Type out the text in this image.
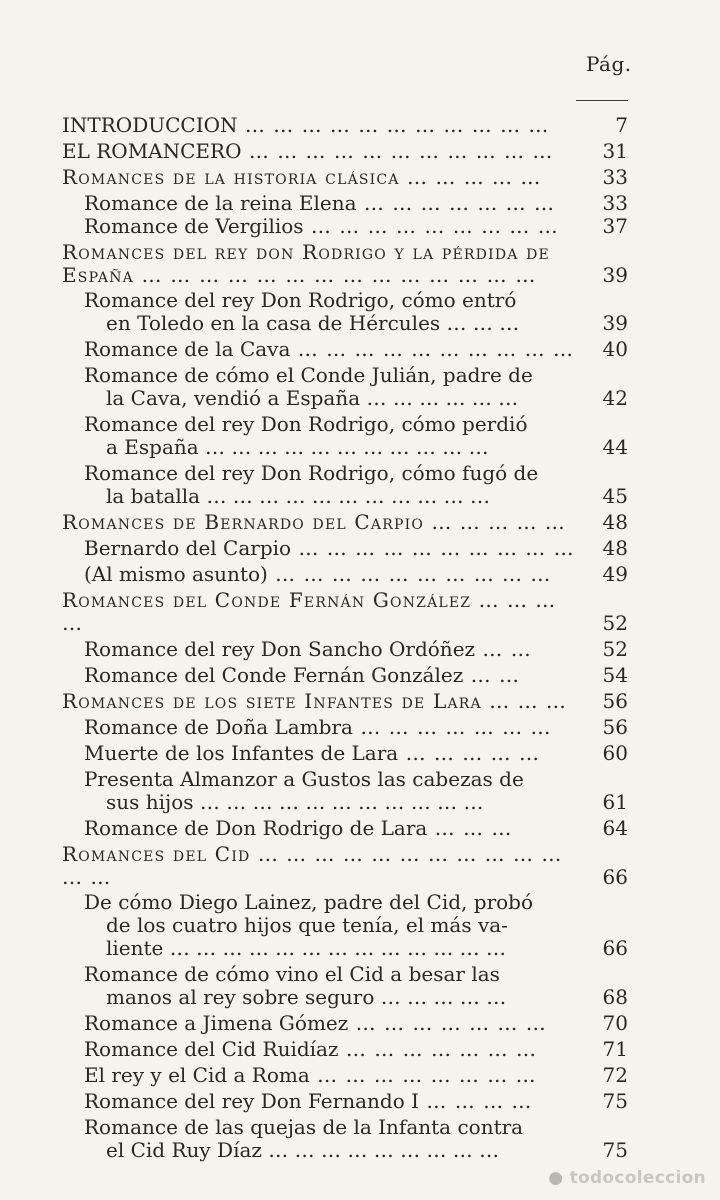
Pág.
INTRODUCCION … … … … … … … … … … …	7
EL ROMANCERO … … … … … … … … … … …	31
Romances de la historia clásica … … … … …	33
Romance de la reina Elena … … … … … … …	33
Romance de Vergilios … … … … … … … … …	37
Romances del rey don Rodrigo y la pérdida de
España … … … … … … … … … … … … … …	39
Romance del rey Don Rodrigo, cómo entró
en Toledo en la casa de Hércules … … …	39
Romance de la Cava … … … … … … … … … …	40
Romance de cómo el Conde Julián, padre de
la Cava, vendió a España … … … … … …	42
Romance del rey Don Rodrigo, cómo perdió
a España … … … … … … … … … … …	44
Romance del rey Don Rodrigo, cómo fugó de
la batalla … … … … … … … … … … …	45
Romances de Bernardo del Carpio … … … … …	48
Bernardo del Carpio … … … … … … … … … …	48
(Al mismo asunto) … … … … … … … … … …	49
Romances del Conde Fernán González … … … …	52
Romance del rey Don Sancho Ordóñez … …	52
Romance del Conde Fernán González … …	54
Romances de los siete Infantes de Lara … … …	56
Romance de Doña Lambra … … … … … … …	56
Muerte de los Infantes de Lara … … … … …	60
Presenta Almanzor a Gustos las cabezas de
sus hijos … … … … … … … … … … …	61
Romance de Don Rodrigo de Lara … … …	64
Romances del Cid … … … … … … … … … … … … …	66
De cómo Diego Lainez, padre del Cid, probó
de los cuatro hijos que tenía, el más va-
liente … … … … … … … … … … … … …	66
Romance de cómo vino el Cid a besar las
manos al rey sobre seguro … … … … …	68
Romance a Jimena Gómez … … … … … … …	70
Romance del Cid Ruidíaz … … … … … … …	71
El rey y el Cid a Roma … … … … … … … …	72
Romance del rey Don Fernando I … … … …	75
Romance de las quejas de la Infanta contra
el Cid Ruy Díaz … … … … … … … … …	75
● todocoleccion
